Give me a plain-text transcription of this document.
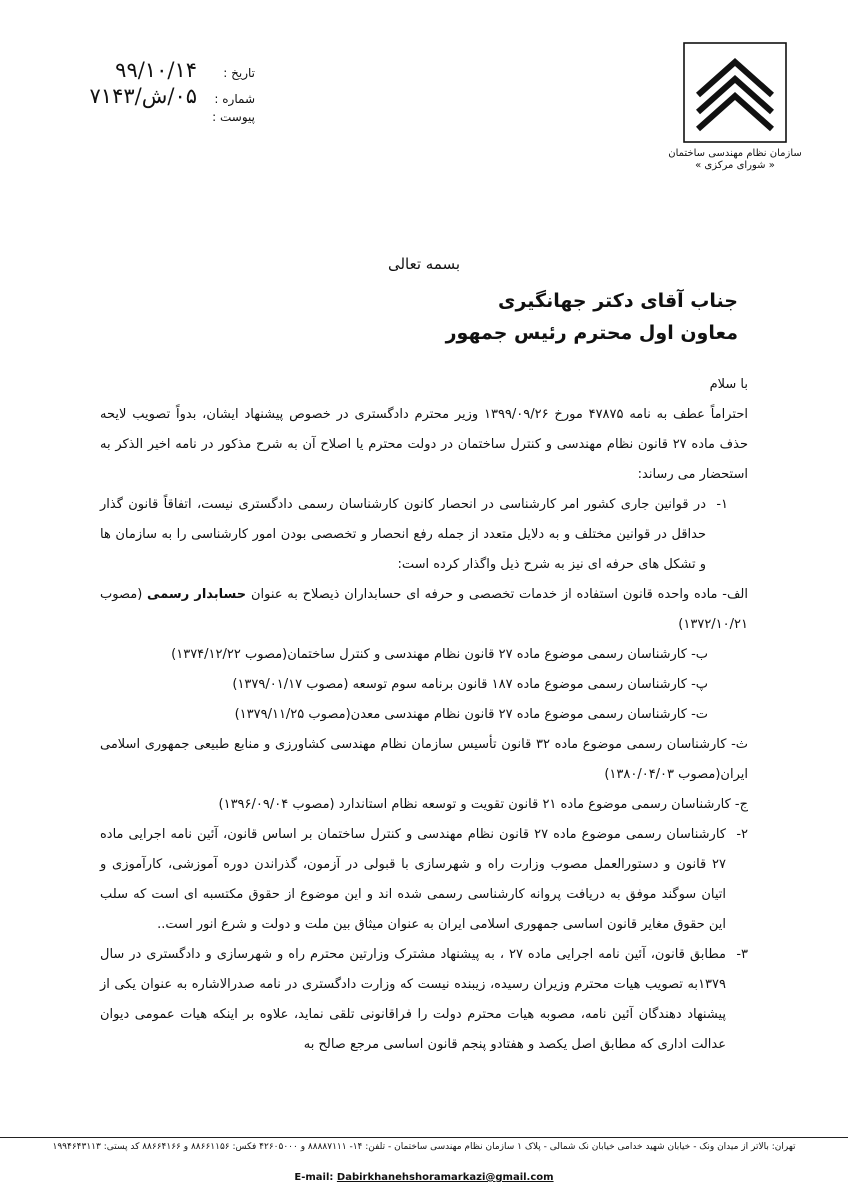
سازمان نظام مهندسی ساختمان
« شورای مرکزی »
تاریخ :
۹۹/۱۰/۱۴
شماره :
۰۵/ش/۷۱۴۳
پیوست :
بسمه تعالی
جناب آقای دکتر جهانگیری
معاون اول محترم رئیس جمهور

با سلام

احتراماً عطف به نامه ۴۷۸۷۵ مورخ ۱۳۹۹/۰۹/۲۶ وزیر محترم دادگستری در خصوص پیشنهاد ایشان، بدواً تصویب لایحه حذف ماده ۲۷ قانون نظام مهندسی و کنترل ساختمان در دولت محترم یا اصلاح آن به شرح مذکور در نامه اخیر الذکر به استحضار می رساند:

۱-
در قوانین جاری کشور امر کارشناسی در انحصار کانون کارشناسان رسمی دادگستری نیست، اتفاقاً قانون گذار حداقل در قوانین مختلف و به دلایل متعدد از جمله رفع انحصار و تخصصی بودن امور کارشناسی را به سازمان ها و تشکل های حرفه ای نیز به شرح ذیل واگذار کرده است:

الف- ماده واحده قانون استفاده از خدمات تخصصی و حرفه ای حسابداران ذیصلاح به عنوان حسابدار رسمی (مصوب ۱۳۷۲/۱۰/۲۱)

ب- کارشناسان رسمی موضوع ماده ۲۷ قانون نظام مهندسی و کنترل ساختمان(مصوب ۱۳۷۴/۱۲/۲۲)

پ- کارشناسان رسمی موضوع ماده ۱۸۷ قانون برنامه سوم توسعه (مصوب ۱۳۷۹/۰۱/۱۷)

ت- کارشناسان رسمی موضوع ماده ۲۷ قانون نظام مهندسی معدن(مصوب ۱۳۷۹/۱۱/۲۵)

ث- کارشناسان رسمی موضوع ماده ۳۲ قانون تأسیس سازمان نظام مهندسی کشاورزی و منابع طبیعی جمهوری اسلامی ایران(مصوب ۱۳۸۰/۰۴/۰۳)

ج- کارشناسان رسمی موضوع ماده ۲۱ قانون تقویت و توسعه نظام استاندارد (مصوب ۱۳۹۶/۰۹/۰۴)

۲-
کارشناسان رسمی موضوع ماده ۲۷ قانون نظام مهندسی و کنترل ساختمان بر اساس قانون، آئین نامه اجرایی ماده ۲۷ قانون و دستورالعمل مصوب وزارت راه و شهرسازی با قبولی در آزمون، گذراندن دوره آموزشی، کارآموزی و اتیان سوگند موفق به دریافت پروانه کارشناسی رسمی شده اند و این موضوع از حقوق مکتسبه ای است که سلب این حقوق مغایر قانون اساسی جمهوری اسلامی ایران به عنوان میثاق بین ملت و دولت و شرع انور است..
۳-
مطابق قانون، آئین نامه اجرایی ماده ۲۷ ، به پیشنهاد مشترک وزارتین محترم راه و شهرسازی و دادگستری در سال ۱۳۷۹به تصویب هیات محترم وزیران رسیده، زیبنده نیست که وزارت دادگستری در نامه صدرالاشاره به عنوان یکی از پیشنهاد دهندگان آئین نامه، مصوبه هیات محترم دولت را فراقانونی تلقی نماید، علاوه بر اینکه هیات عمومی دیوان عدالت اداری که مطابق اصل یکصد و هفتادو پنجم قانون اساسی مرجع صالح به
تهران: بالاتر از میدان ونک - خیابان شهید خدامی خیابان نک شمالی - پلاک ۱ سازمان نظام مهندسی ساختمان - تلفن: ۱۴- ۸۸۸۸۷۱۱۱ و ۴۲۶۰۵۰۰۰ فکس: ۸۸۶۶۱۱۵۶ و ۸۸۶۶۴۱۶۶ کد پستی: ۱۹۹۴۶۴۳۱۱۳
E-mail: Dabirkhanehshoramarkazi@gmail.com
